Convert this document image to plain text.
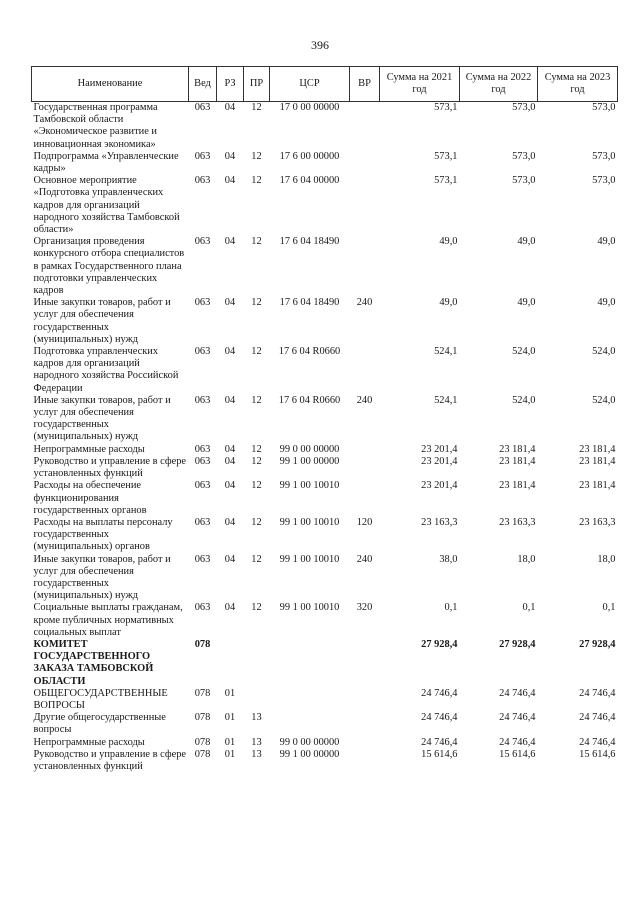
396
Наименование	Вед	РЗ	ПР	ЦСР	ВР	Сумма на 2021 год	Сумма на 2022 год	Сумма на 2023 год
Государственная программа Тамбовской области «Экономическое развитие и инновационная экономика»	063	04	12	17 0 00 00000		573,1	573,0	573,0
Подпрограмма «Управленческие кадры»	063	04	12	17 6 00 00000		573,1	573,0	573,0
Основное мероприятие «Подготовка управленческих кадров для организаций народного хозяйства Тамбовской области»	063	04	12	17 6 04 00000		573,1	573,0	573,0
Организация проведения конкурсного отбора специалистов в рамках Государственного плана подготовки управленческих кадров	063	04	12	17 6 04 18490		49,0	49,0	49,0
Иные закупки товаров, работ и услуг для обеспечения государственных (муниципальных) нужд	063	04	12	17 6 04 18490	240	49,0	49,0	49,0
Подготовка управленческих кадров для организаций народного хозяйства Российской Федерации	063	04	12	17 6 04 R0660		524,1	524,0	524,0
Иные закупки товаров, работ и услуг для обеспечения государственных (муниципальных) нужд	063	04	12	17 6 04 R0660	240	524,1	524,0	524,0
Непрограммные расходы	063	04	12	99 0 00 00000		23 201,4	23 181,4	23 181,4
Руководство и управление в сфере установленных функций	063	04	12	99 1 00 00000		23 201,4	23 181,4	23 181,4
Расходы на обеспечение функционирования государственных органов	063	04	12	99 1 00 10010		23 201,4	23 181,4	23 181,4
Расходы на выплаты персоналу государственных (муниципальных) органов	063	04	12	99 1 00 10010	120	23 163,3	23 163,3	23 163,3
Иные закупки товаров, работ и услуг для обеспечения государственных (муниципальных) нужд	063	04	12	99 1 00 10010	240	38,0	18,0	18,0
Социальные выплаты гражданам, кроме публичных нормативных социальных выплат	063	04	12	99 1 00 10010	320	0,1	0,1	0,1
КОМИТЕТ ГОСУДАРСТВЕННОГО ЗАКАЗА ТАМБОВСКОЙ ОБЛАСТИ	078					27 928,4	27 928,4	27 928,4
ОБЩЕГОСУДАРСТВЕННЫЕ ВОПРОСЫ	078	01				24 746,4	24 746,4	24 746,4
Другие общегосударственные вопросы	078	01	13			24 746,4	24 746,4	24 746,4
Непрограммные расходы	078	01	13	99 0 00 00000		24 746,4	24 746,4	24 746,4
Руководство и управление в сфере установленных функций	078	01	13	99 1 00 00000		15 614,6	15 614,6	15 614,6
